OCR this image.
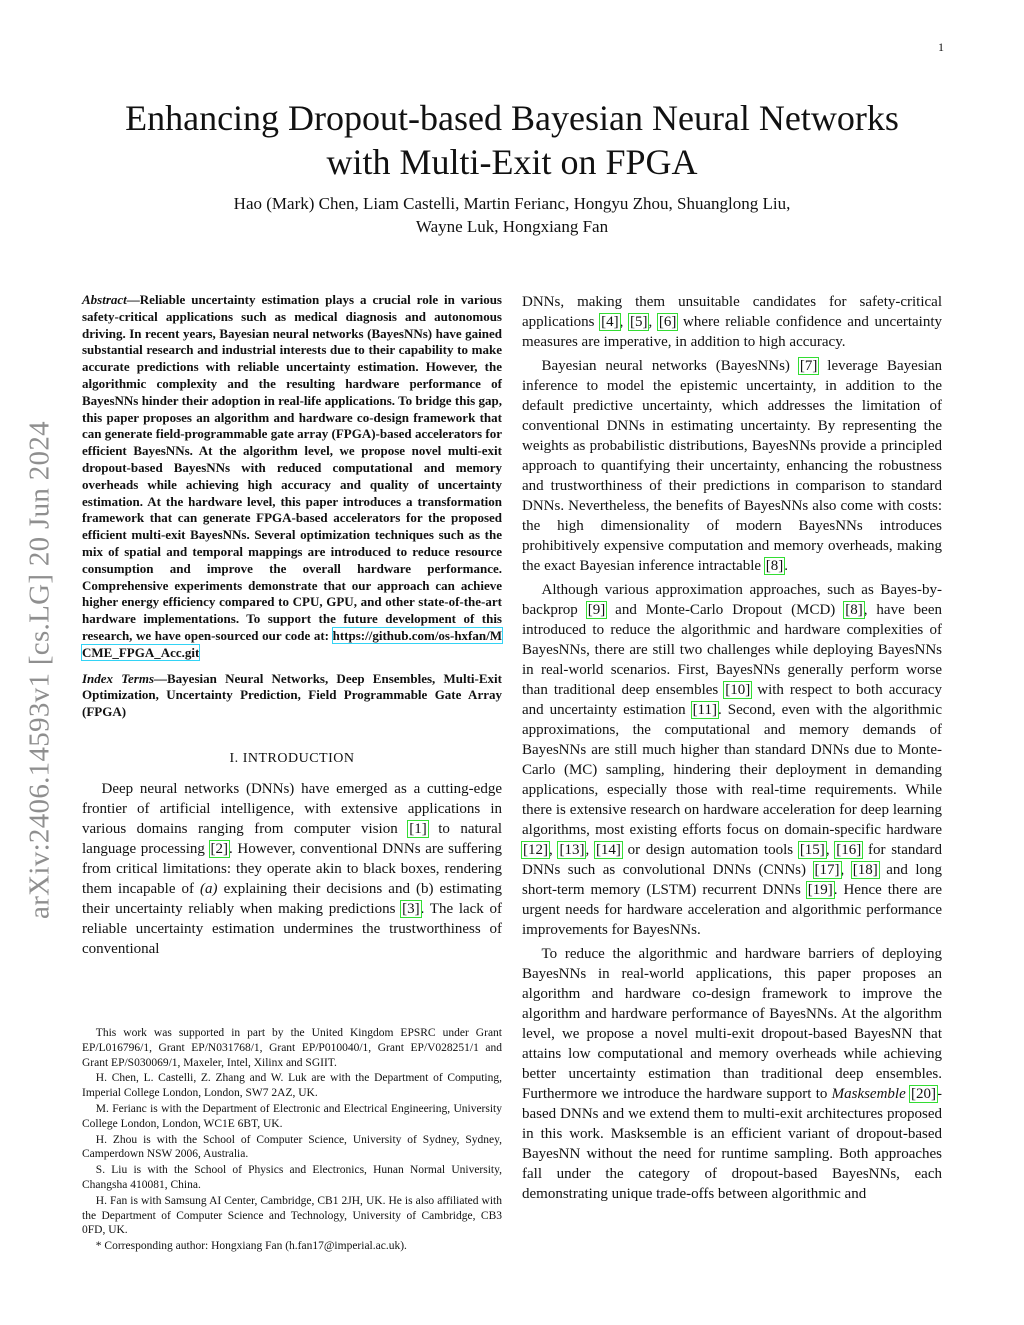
1
arXiv:2406.14593v1 [cs.LG] 20 Jun 2024
Enhancing Dropout-based Bayesian Neural Networks
with Multi-Exit on FPGA
Hao (Mark) Chen, Liam Castelli, Martin Ferianc, Hongyu Zhou, Shuanglong Liu,
Wayne Luk, Hongxiang Fan
Abstract—Reliable uncertainty estimation plays a crucial role in various safety-critical applications such as medical diagnosis and autonomous driving. In recent years, Bayesian neural networks (BayesNNs) have gained substantial research and industrial interests due to their capability to make accurate predictions with reliable uncertainty estimation. However, the algorithmic complexity and the resulting hardware performance of BayesNNs hinder their adoption in real-life applications. To bridge this gap, this paper proposes an algorithm and hardware co-design framework that can generate field-programmable gate array (FPGA)-based accelerators for efficient BayesNNs. At the algorithm level, we propose novel multi-exit dropout-based BayesNNs with reduced computational and memory overheads while achieving high accuracy and quality of uncertainty estimation. At the hardware level, this paper introduces a transformation framework that can generate FPGA-based accelerators for the proposed efficient multi-exit BayesNNs. Several optimization techniques such as the mix of spatial and temporal mappings are introduced to reduce resource consumption and improve the overall hardware performance. Comprehensive experiments demonstrate that our approach can achieve higher energy efficiency compared to CPU, GPU, and other state-of-the-art hardware implementations. To support the future development of this research, we have open-sourced our code at: https://github.com/os-hxfan/MCME_FPGA_Acc.git
Index Terms—Bayesian Neural Networks, Deep Ensembles, Multi-Exit Optimization, Uncertainty Prediction, Field Programmable Gate Array (FPGA)
I. INTRODUCTION

Deep neural networks (DNNs) have emerged as a cutting-edge frontier of artificial intelligence, with extensive applications in various domains ranging from computer vision [1] to natural language processing [2]. However, conventional DNNs are suffering from critical limitations: they operate akin to black boxes, rendering them incapable of (a) explaining their decisions and (b) estimating their uncertainty reliably when making predictions [3]. The lack of reliable uncertainty estimation undermines the trustworthiness of conventional

This work was supported in part by the United Kingdom EPSRC under Grant EP/L016796/1, Grant EP/N031768/1, Grant EP/P010040/1, Grant EP/V028251/1 and Grant EP/S030069/1, Maxeler, Intel, Xilinx and SGIIT.

H. Chen, L. Castelli, Z. Zhang and W. Luk are with the Department of Computing, Imperial College London, London, SW7 2AZ, UK.

M. Ferianc is with the Department of Electronic and Electrical Engineering, University College London, London, WC1E 6BT, UK.

H. Zhou is with the School of Computer Science, University of Sydney, Sydney, Camperdown NSW 2006, Australia.

S. Liu is with the School of Physics and Electronics, Hunan Normal University, Changsha 410081, China.

H. Fan is with Samsung AI Center, Cambridge, CB1 2JH, UK. He is also affiliated with the Department of Computer Science and Technology, University of Cambridge, CB3 0FD, UK.

* Corresponding author: Hongxiang Fan (h.fan17@imperial.ac.uk).

DNNs, making them unsuitable candidates for safety-critical applications [4], [5], [6] where reliable confidence and uncertainty measures are imperative, in addition to high accuracy.

Bayesian neural networks (BayesNNs) [7] leverage Bayesian inference to model the epistemic uncertainty, in addition to the default predictive uncertainty, which addresses the limitation of conventional DNNs in estimating uncertainty. By representing the weights as probabilistic distributions, BayesNNs provide a principled approach to quantifying their uncertainty, enhancing the robustness and trustworthiness of their predictions in comparison to standard DNNs. Nevertheless, the benefits of BayesNNs also come with costs: the high dimensionality of modern BayesNNs introduces prohibitively expensive computation and memory overheads, making the exact Bayesian inference intractable [8].

Although various approximation approaches, such as Bayes-by-backprop [9] and Monte-Carlo Dropout (MCD) [8], have been introduced to reduce the algorithmic and hardware complexities of BayesNNs, there are still two challenges while deploying BayesNNs in real-world scenarios. First, BayesNNs generally perform worse than traditional deep ensembles [10] with respect to both accuracy and uncertainty estimation [11]. Second, even with the algorithmic approximations, the computational and memory demands of BayesNNs are still much higher than standard DNNs due to Monte-Carlo (MC) sampling, hindering their deployment in demanding applications, especially those with real-time requirements. While there is extensive research on hardware acceleration for deep learning algorithms, most existing efforts focus on domain-specific hardware [12], [13], [14] or design automation tools [15], [16] for standard DNNs such as convolutional DNNs (CNNs) [17], [18] and long short-term memory (LSTM) recurrent DNNs [19]. Hence there are urgent needs for hardware acceleration and algorithmic performance improvements for BayesNNs.

To reduce the algorithmic and hardware barriers of deploying BayesNNs in real-world applications, this paper proposes an algorithm and hardware co-design framework to improve the algorithm and hardware performance of BayesNNs. At the algorithm level, we propose a novel multi-exit dropout-based BayesNN that attains low computational and memory overheads while achieving better uncertainty estimation than traditional deep ensembles. Furthermore we introduce the hardware support to Masksemble [20]-based DNNs and we extend them to multi-exit architectures proposed in this work. Masksemble is an efficient variant of dropout-based BayesNN without the need for runtime sampling. Both approaches fall under the category of dropout-based BayesNNs, each demonstrating unique trade-offs between algorithmic and
